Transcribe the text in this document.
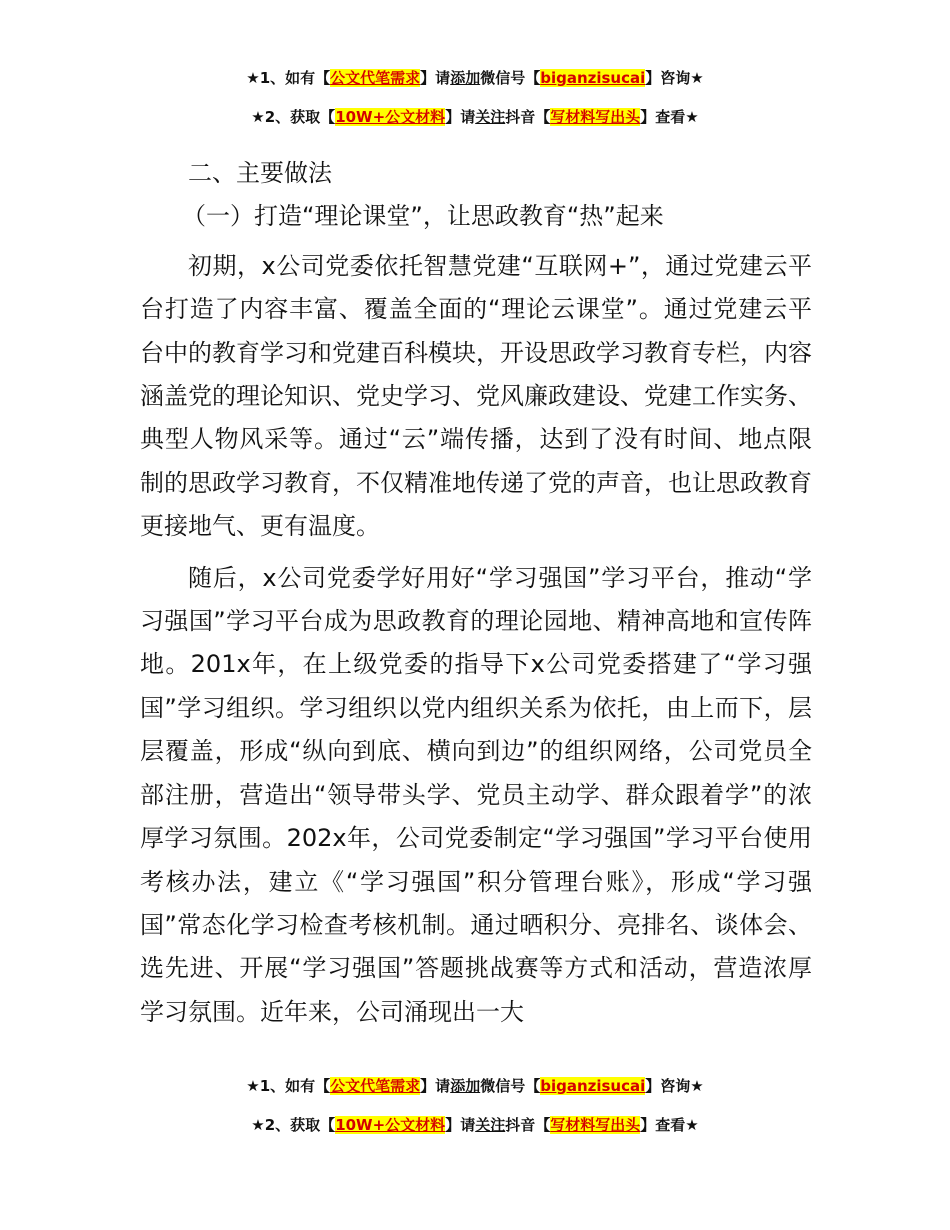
★1、如有【公文代笔需求】请添加微信号【biganzisucai】咨询★
★2、获取【10W+公文材料】请关注抖音【写材料写出头】查看★

二、主要做法

（一）打造“理论课堂”，让思政教育“热”起来

初期，x公司党委依托智慧党建“互联网+”，通过党建云平台打造了内容丰富、覆盖全面的“理论云课堂”。通过党建云平台中的教育学习和党建百科模块，开设思政学习教育专栏，内容涵盖党的理论知识、党史学习、党风廉政建设、党建工作实务、典型人物风采等。通过“云”端传播，达到了没有时间、地点限制的思政学习教育，不仅精准地传递了党的声音，也让思政教育更接地气、更有温度。

随后，x公司党委学好用好“学习强国”学习平台，推动“学习强国”学习平台成为思政教育的理论园地、精神高地和宣传阵地。201x年，在上级党委的指导下x公司党委搭建了“学习强国”学习组织。学习组织以党内组织关系为依托，由上而下，层层覆盖，形成“纵向到底、横向到边”的组织网络，公司党员全部注册，营造出“领导带头学、党员主动学、群众跟着学”的浓厚学习氛围。202x年，公司党委制定“学习强国”学习平台使用考核办法，建立《“学习强国”积分管理台账》，形成“学习强国”常态化学习检查考核机制。通过晒积分、亮排名、谈体会、选先进、开展“学习强国”答题挑战赛等方式和活动，营造浓厚学习氛围。近年来，公司涌现出一大

★1、如有【公文代笔需求】请添加微信号【biganzisucai】咨询★
★2、获取【10W+公文材料】请关注抖音【写材料写出头】查看★
